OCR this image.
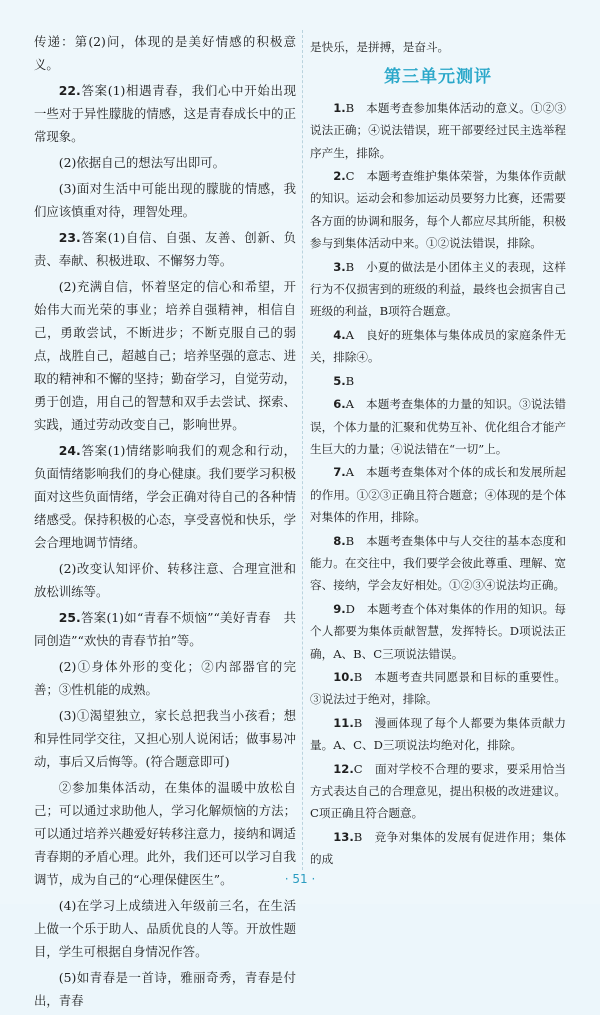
传递：第(2)问，体现的是美好情感的积极意义。

22.答案(1)相遇青春，我们心中开始出现一些对于异性朦胧的情感，这是青春成长中的正常现象。

(2)依据自己的想法写出即可。

(3)面对生活中可能出现的朦胧的情感，我们应该慎重对待，理智处理。

23.答案(1)自信、自强、友善、创新、负责、奉献、积极进取、不懈努力等。

(2)充满自信，怀着坚定的信心和希望，开始伟大而光荣的事业；培养自强精神，相信自己，勇敢尝试，不断进步；不断克服自己的弱点，战胜自己，超越自己；培养坚强的意志、进取的精神和不懈的坚持；勤奋学习，自觉劳动，勇于创造，用自己的智慧和双手去尝试、探索、实践，通过劳动改变自己，影响世界。

24.答案(1)情绪影响我们的观念和行动，负面情绪影响我们的身心健康。我们要学习积极面对这些负面情绪，学会正确对待自己的各种情绪感受。保持积极的心态，享受喜悦和快乐，学会合理地调节情绪。

(2)改变认知评价、转移注意、合理宣泄和放松训练等。

25.答案(1)如“青春不烦恼”“美好青春　共同创造”“欢快的青春节拍”等。

(2)①身体外形的变化；②内部器官的完善；③性机能的成熟。

(3)①渴望独立，家长总把我当小孩看；想和异性同学交往，又担心别人说闲话；做事易冲动，事后又后悔等。(符合题意即可)

②参加集体活动，在集体的温暖中放松自己；可以通过求助他人，学习化解烦恼的方法；可以通过培养兴趣爱好转移注意力，接纳和调适青春期的矛盾心理。此外，我们还可以学习自我调节，成为自己的“心理保健医生”。

(4)在学习上成绩进入年级前三名，在生活上做一个乐于助人、品质优良的人等。开放性题目，学生可根据自身情况作答。

(5)如青春是一首诗，雅丽奇秀，青春是付出，青春

是快乐，是拼搏，是奋斗。

第三单元测评

1.B　本题考查参加集体活动的意义。①②③说法正确；④说法错误，班干部要经过民主选举程序产生，排除。

2.C　本题考查维护集体荣誉，为集体作贡献的知识。运动会和参加运动员要努力比赛，还需要各方面的协调和服务，每个人都应尽其所能，积极参与到集体活动中来。①②说法错误，排除。

3.B　小夏的做法是小团体主义的表现，这样行为不仅损害到的班级的利益，最终也会损害自己班级的利益，B项符合题意。

4.A　良好的班集体与集体成员的家庭条件无关，排除④。

5.B

6.A　本题考查集体的力量的知识。③说法错误，个体力量的汇聚和优势互补、优化组合才能产生巨大的力量；④说法错在“一切”上。

7.A　本题考查集体对个体的成长和发展所起的作用。①②③正确且符合题意；④体现的是个体对集体的作用，排除。

8.B　本题考查集体中与人交往的基本态度和能力。在交往中，我们要学会彼此尊重、理解、宽容、接纳，学会友好相处。①②③④说法均正确。

9.D　本题考查个体对集体的作用的知识。每个人都要为集体贡献智慧，发挥特长。D项说法正确，A、B、C三项说法错误。

10.B　本题考查共同愿景和目标的重要性。③说法过于绝对，排除。

11.B　漫画体现了每个人都要为集体贡献力量。A、C、D三项说法均绝对化，排除。

12.C　面对学校不合理的要求，要采用恰当方式表达自己的合理意见，提出积极的改进建议。C项正确且符合题意。

13.B　竞争对集体的发展有促进作用；集体的成

· 51 ·
